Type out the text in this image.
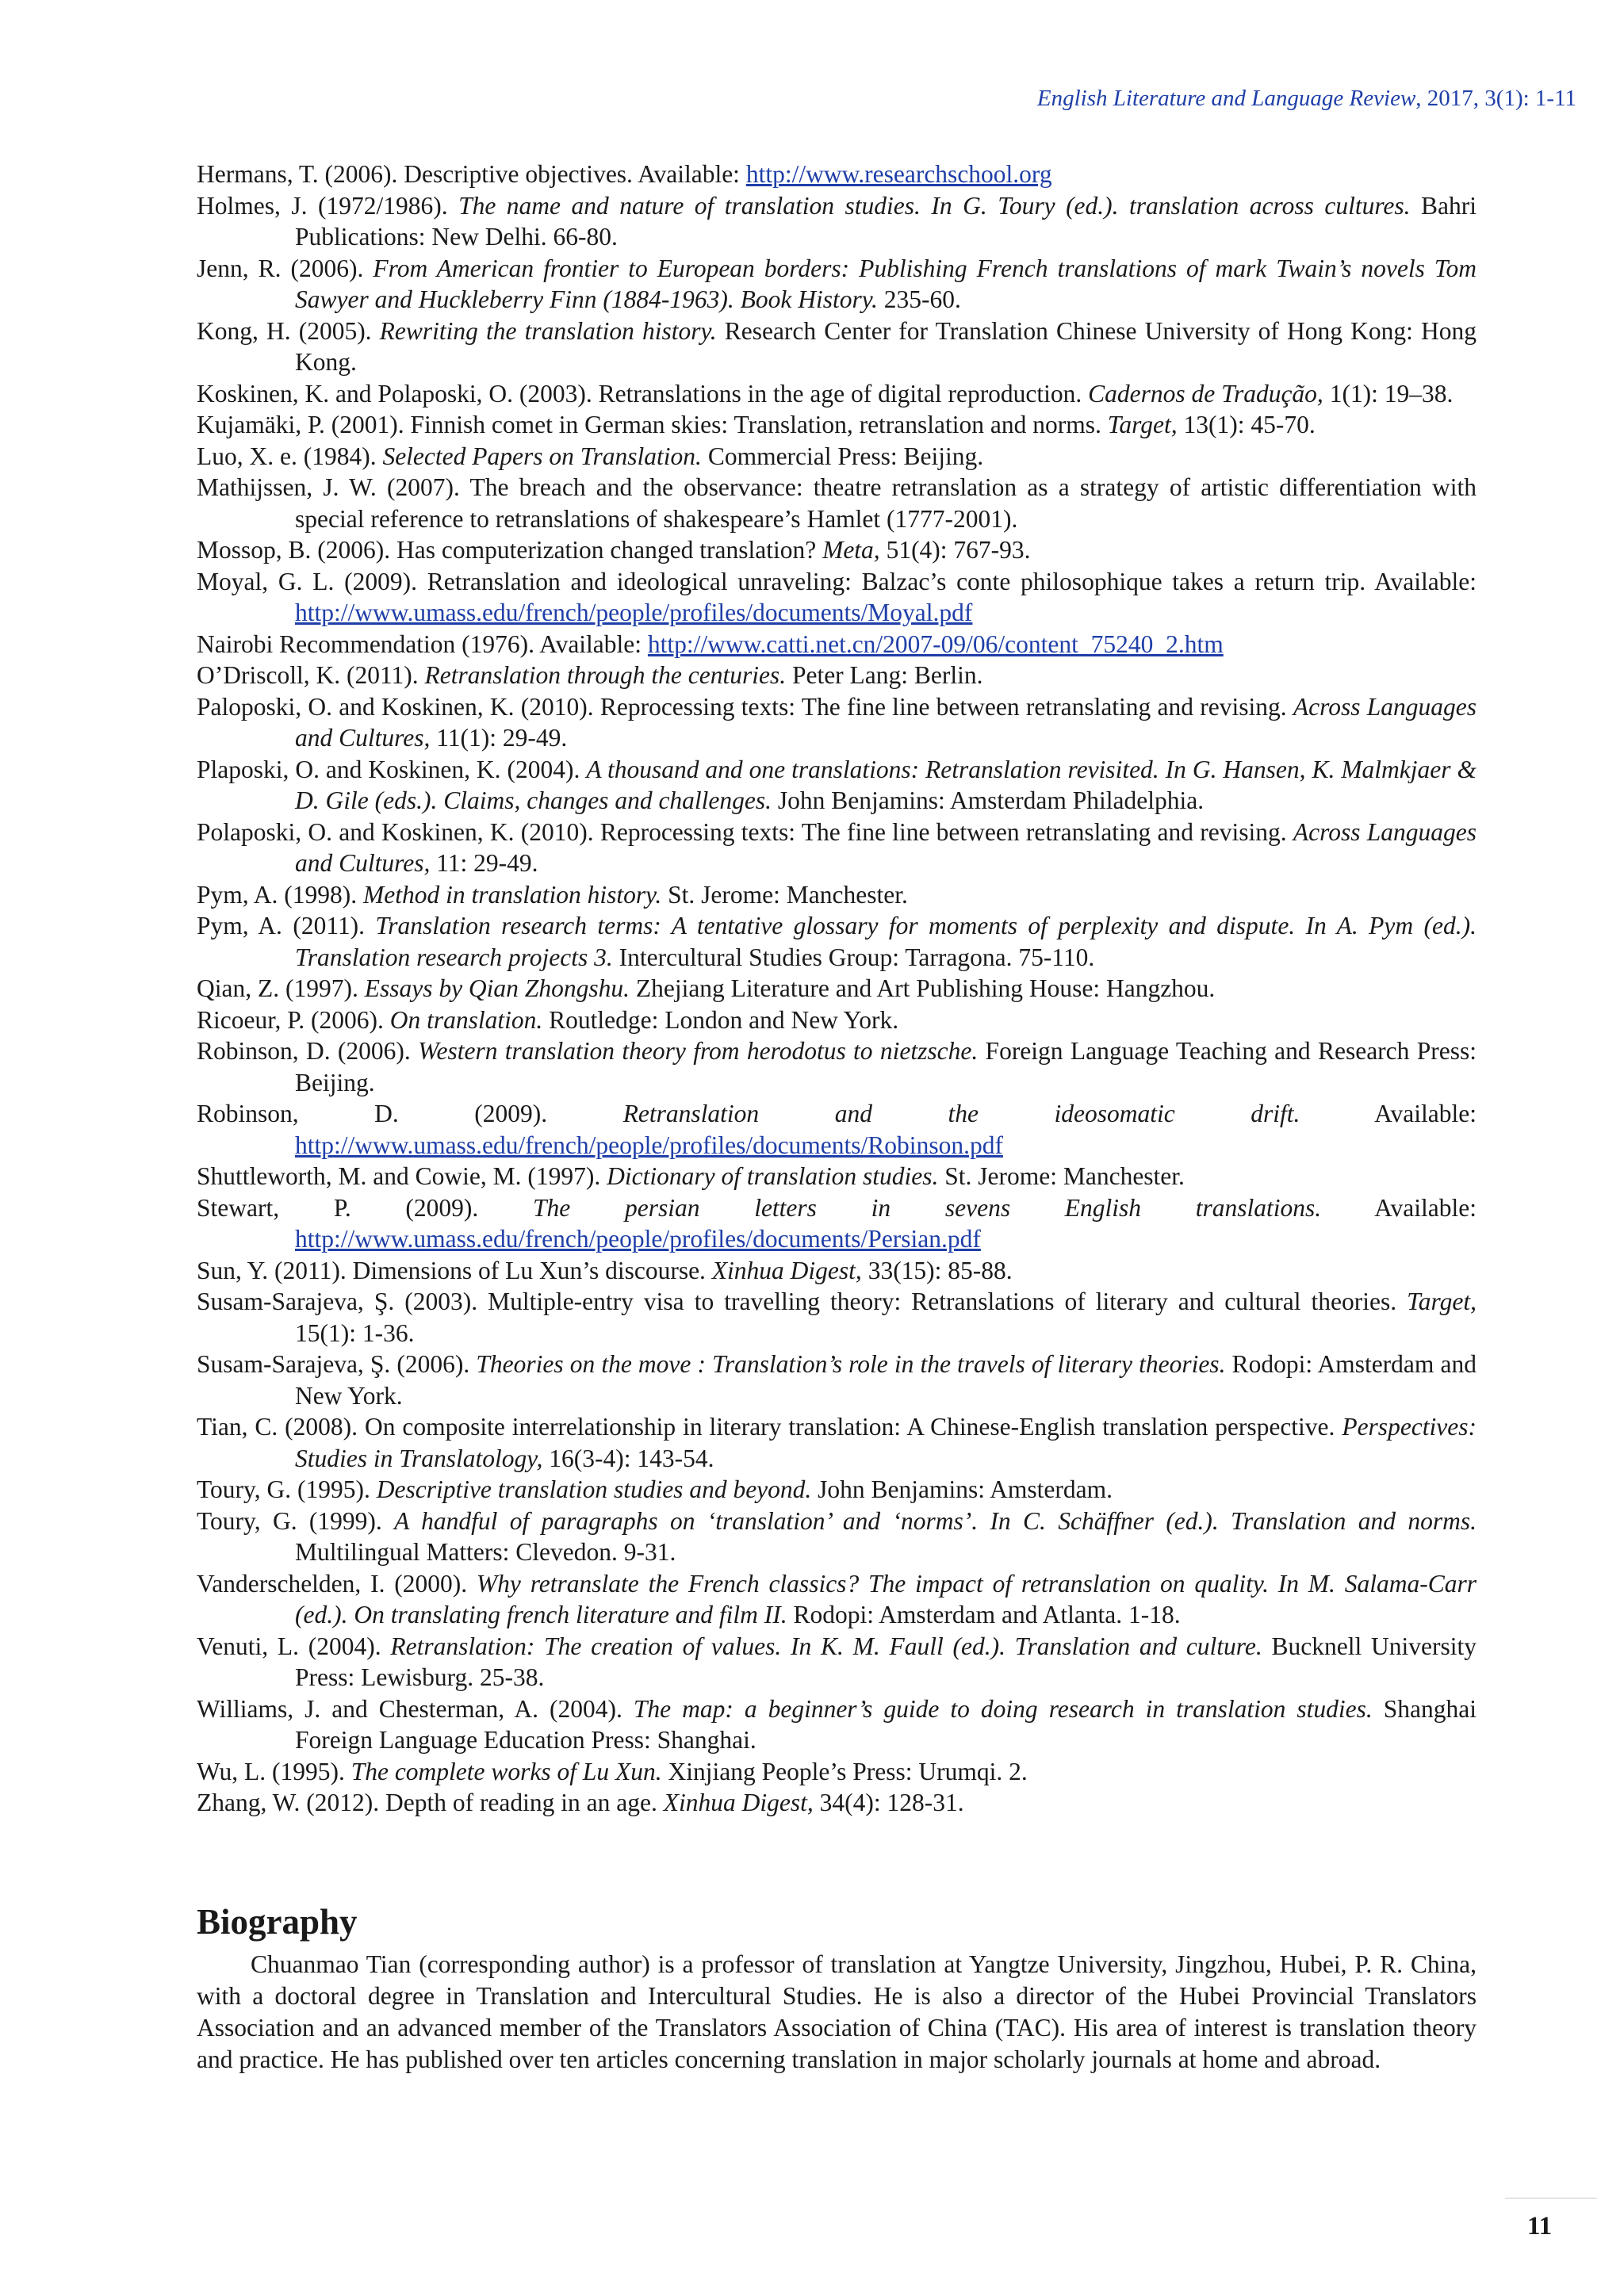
English Literature and Language Review, 2017, 3(1): 1-11
Hermans, T. (2006). Descriptive objectives. Available: http://www.researchschool.org
Holmes, J. (1972/1986). The name and nature of translation studies. In G. Toury (ed.). translation across cultures. Bahri Publications: New Delhi. 66-80.
Jenn, R. (2006). From American frontier to European borders: Publishing French translations of mark Twain’s novels Tom Sawyer and Huckleberry Finn (1884-1963). Book History. 235-60.
Kong, H. (2005). Rewriting the translation history. Research Center for Translation Chinese University of Hong Kong: Hong Kong.
Koskinen, K. and Polaposki, O. (2003). Retranslations in the age of digital reproduction. Cadernos de Tradução, 1(1): 19–38.
Kujamäki, P. (2001). Finnish comet in German skies: Translation, retranslation and norms. Target, 13(1): 45-70.
Luo, X. e. (1984). Selected Papers on Translation. Commercial Press: Beijing.
Mathijssen, J. W. (2007). The breach and the observance: theatre retranslation as a strategy of artistic differentiation with special reference to retranslations of shakespeare’s Hamlet (1777-2001).
Mossop, B. (2006). Has computerization changed translation? Meta, 51(4): 767-93.
Moyal, G. L. (2009). Retranslation and ideological unraveling: Balzac’s conte philosophique takes a return trip. Available: http://www.umass.edu/french/people/profiles/documents/Moyal.pdf
Nairobi Recommendation (1976). Available: http://www.catti.net.cn/2007-09/06/content_75240_2.htm
O’Driscoll, K. (2011). Retranslation through the centuries. Peter Lang: Berlin.
Paloposki, O. and Koskinen, K. (2010). Reprocessing texts: The fine line between retranslating and revising. Across Languages and Cultures, 11(1): 29-49.
Plaposki, O. and Koskinen, K. (2004). A thousand and one translations: Retranslation revisited. In G. Hansen, K. Malmkjaer & D. Gile (eds.). Claims, changes and challenges. John Benjamins: Amsterdam Philadelphia.
Polaposki, O. and Koskinen, K. (2010). Reprocessing texts: The fine line between retranslating and revising. Across Languages and Cultures, 11: 29-49.
Pym, A. (1998). Method in translation history. St. Jerome: Manchester.
Pym, A. (2011). Translation research terms: A tentative glossary for moments of perplexity and dispute. In A. Pym (ed.). Translation research projects 3. Intercultural Studies Group: Tarragona. 75-110.
Qian, Z. (1997). Essays by Qian Zhongshu. Zhejiang Literature and Art Publishing House: Hangzhou.
Ricoeur, P. (2006). On translation. Routledge: London and New York.
Robinson, D. (2006). Western translation theory from herodotus to nietzsche. Foreign Language Teaching and Research Press: Beijing.
Robinson, D. (2009). Retranslation and the ideosomatic drift. Available: http://www.umass.edu/french/people/profiles/documents/Robinson.pdf
Shuttleworth, M. and Cowie, M. (1997). Dictionary of translation studies. St. Jerome: Manchester.
Stewart, P. (2009). The persian letters in sevens English translations. Available: http://www.umass.edu/french/people/profiles/documents/Persian.pdf
Sun, Y. (2011). Dimensions of Lu Xun’s discourse. Xinhua Digest, 33(15): 85-88.
Susam-Sarajeva, Ş. (2003). Multiple-entry visa to travelling theory: Retranslations of literary and cultural theories. Target, 15(1): 1-36.
Susam-Sarajeva, Ş. (2006). Theories on the move : Translation’s role in the travels of literary theories. Rodopi: Amsterdam and New York.
Tian, C. (2008). On composite interrelationship in literary translation: A Chinese-English translation perspective. Perspectives: Studies in Translatology, 16(3-4): 143-54.
Toury, G. (1995). Descriptive translation studies and beyond. John Benjamins: Amsterdam.
Toury, G. (1999). A handful of paragraphs on ‘translation’ and ‘norms’. In C. Schäffner (ed.). Translation and norms. Multilingual Matters: Clevedon. 9-31.
Vanderschelden, I. (2000). Why retranslate the French classics? The impact of retranslation on quality. In M. Salama-Carr (ed.). On translating french literature and film II. Rodopi: Amsterdam and Atlanta. 1-18.
Venuti, L. (2004). Retranslation: The creation of values. In K. M. Faull (ed.). Translation and culture. Bucknell University Press: Lewisburg. 25-38.
Williams, J. and Chesterman, A. (2004). The map: a beginner’s guide to doing research in translation studies. Shanghai Foreign Language Education Press: Shanghai.
Wu, L. (1995). The complete works of Lu Xun. Xinjiang People’s Press: Urumqi. 2.
Zhang, W. (2012). Depth of reading in an age. Xinhua Digest, 34(4): 128-31.
Biography

Chuanmao Tian (corresponding author) is a professor of translation at Yangtze University, Jingzhou, Hubei, P. R. China, with a doctoral degree in Translation and Intercultural Studies. He is also a director of the Hubei Provincial Translators Association and an advanced member of the Translators Association of China (TAC). His area of interest is translation theory and practice. He has published over ten articles concerning translation in major scholarly journals at home and abroad.

11
